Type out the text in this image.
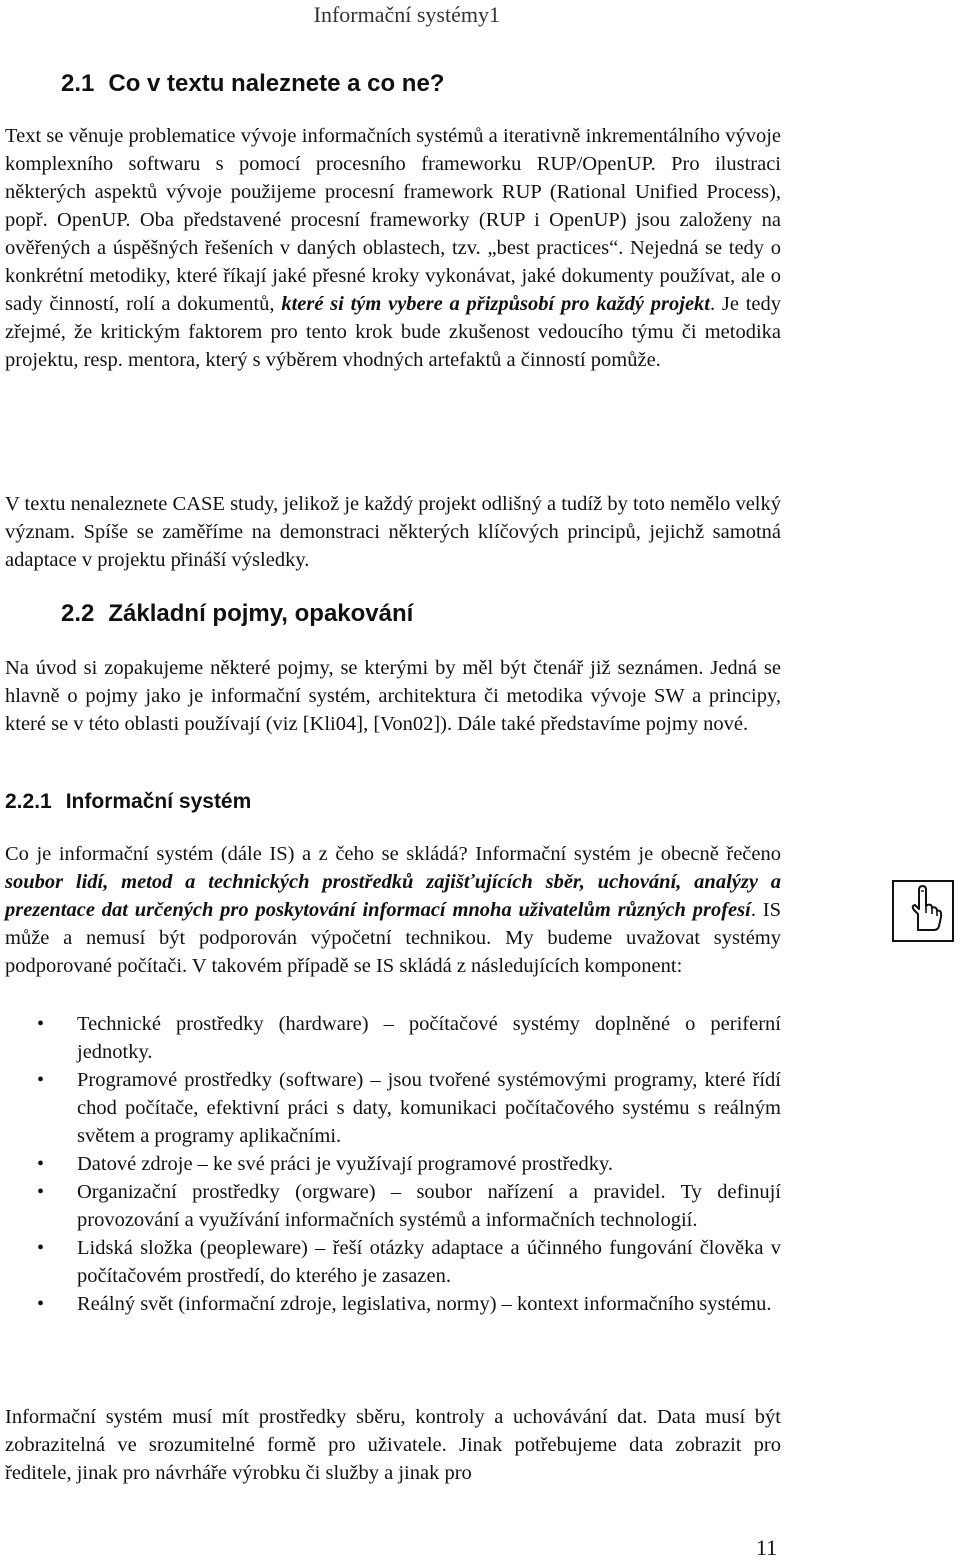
Informační systémy1
2.1 Co v textu naleznete a co ne?

Text se věnuje problematice vývoje informačních systémů a iterativně inkrementálního vývoje komplexního softwaru s pomocí procesního frameworku RUP/OpenUP. Pro ilustraci některých aspektů vývoje použijeme procesní framework RUP (Rational Unified Process), popř. OpenUP. Oba představené procesní frameworky (RUP i OpenUP) jsou založeny na ověřených a úspěšných řešeních v daných oblastech, tzv. „best practices“. Nejedná se tedy o konkrétní metodiky, které říkají jaké přesné kroky vykonávat, jaké dokumenty používat, ale o sady činností, rolí a dokumentů, které si tým vybere a přizpůsobí pro každý projekt. Je tedy zřejmé, že kritickým faktorem pro tento krok bude zkušenost vedoucího týmu či metodika projektu, resp. mentora, který s výběrem vhodných artefaktů a činností pomůže.

V textu nenaleznete CASE study, jelikož je každý projekt odlišný a tudíž by toto nemělo velký význam. Spíše se zaměříme na demonstraci některých klíčových principů, jejichž samotná adaptace v projektu přináší výsledky.

2.2 Základní pojmy, opakování

Na úvod si zopakujeme některé pojmy, se kterými by měl být čtenář již seznámen. Jedná se hlavně o pojmy jako je informační systém, architektura či metodika vývoje SW a principy, které se v této oblasti používají (viz [Kli04], [Von02]). Dále také představíme pojmy nové.

2.2.1 Informační systém

Co je informační systém (dále IS) a z čeho se skládá? Informační systém je obecně řečeno soubor lidí, metod a technických prostředků zajišťujících sběr, uchování, analýzy a prezentace dat určených pro poskytování informací mnoha uživatelům různých profesí. IS může a nemusí být podporován výpočetní technikou. My budeme uvažovat systémy podporované počítači. V takovém případě se IS skládá z následujících komponent:

• Technické prostředky (hardware) – počítačové systémy doplněné o periferní jednotky.
• Programové prostředky (software) – jsou tvořené systémovými programy, které řídí chod počítače, efektivní práci s daty, komunikaci počítačového systému s reálným světem a programy aplikačními.
• Datové zdroje – ke své práci je využívají programové prostředky.
• Organizační prostředky (orgware) – soubor nařízení a pravidel. Ty definují provozování a využívání informačních systémů a informačních technologií.
• Lidská složka (peopleware) – řeší otázky adaptace a účinného fungování člověka v počítačovém prostředí, do kterého je zasazen.
• Reálný svět (informační zdroje, legislativa, normy) – kontext informačního systému.

Informační systém musí mít prostředky sběru, kontroly a uchovávání dat. Data musí být zobrazitelná ve srozumitelné formě pro uživatele. Jinak potřebujeme data zobrazit pro ředitele, jinak pro návrháře výrobku či služby a jinak pro

11
